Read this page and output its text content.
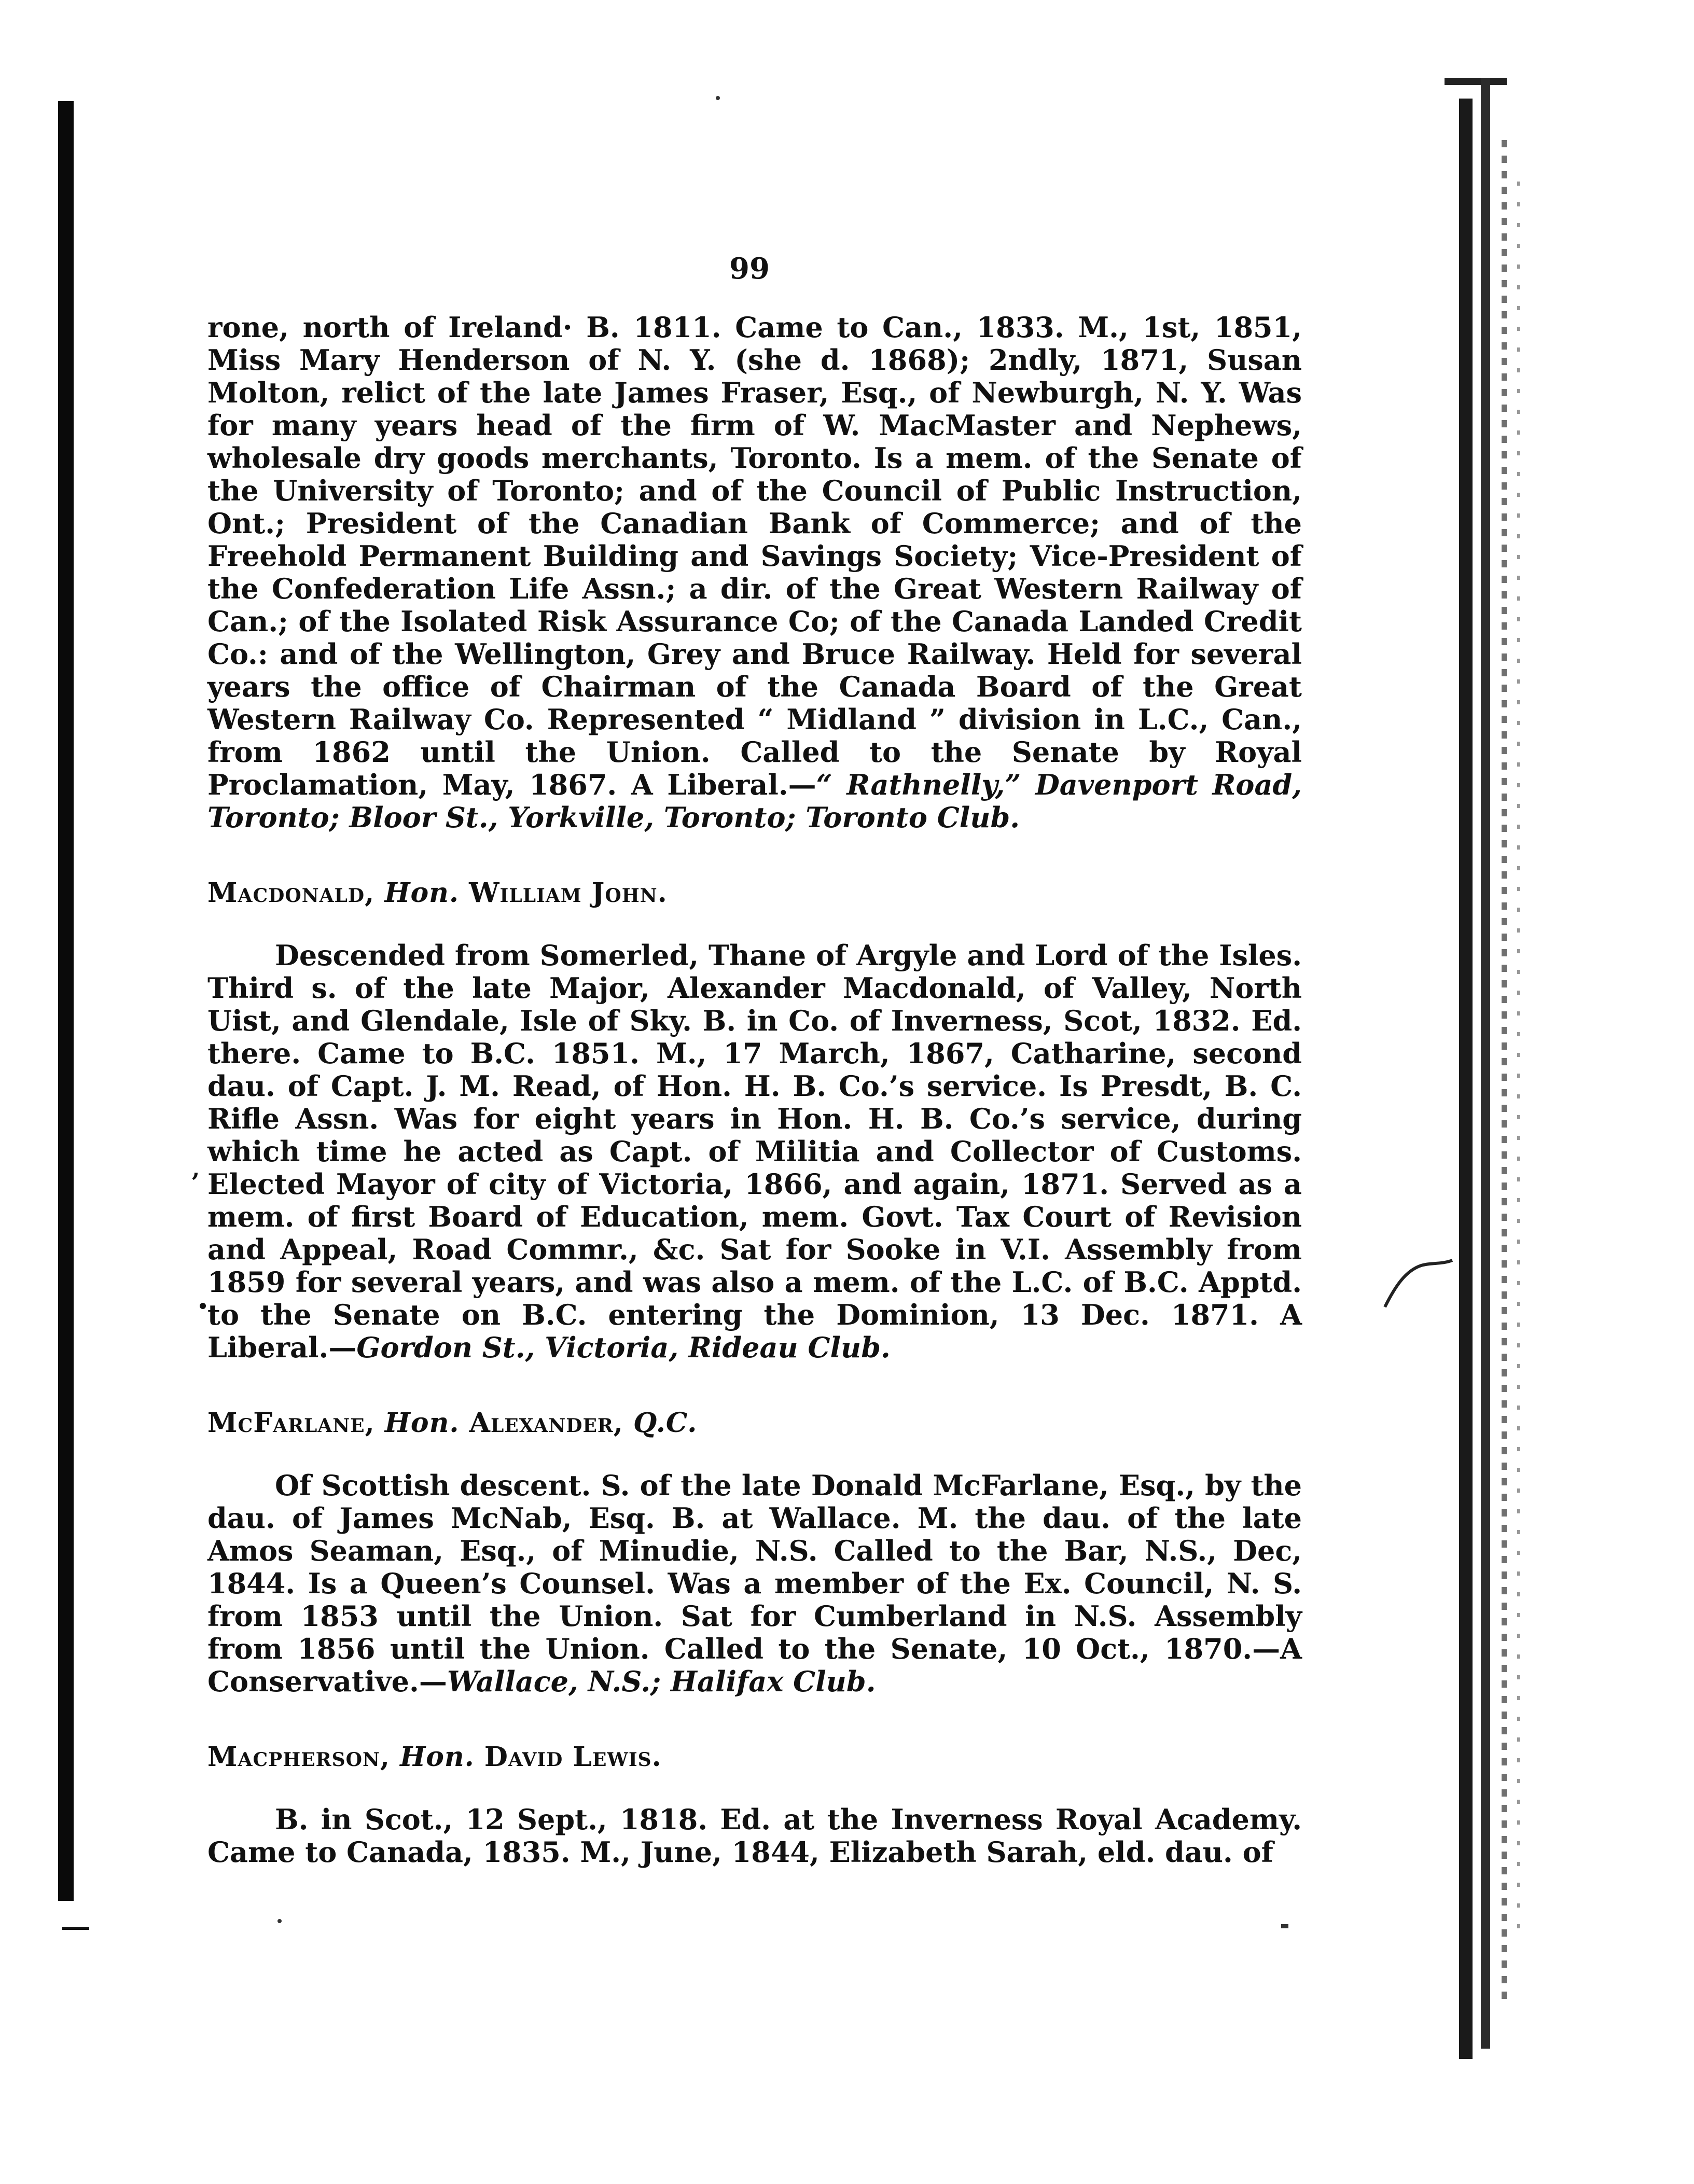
99

rone, north of Ireland· B. 1811. Came to Can., 1833. M., 1st, 1851, Miss Mary Henderson of N. Y. (she d. 1868); 2ndly, 1871, Susan Molton, relict of the late James Fraser, Esq., of Newburgh, N. Y. Was for many years head of the firm of W. MacMaster and Nephews, wholesale dry goods merchants, Toronto. Is a mem. of the Senate of the University of Toronto; and of the Council of Public Instruction, Ont.; President of the Canadian Bank of Commerce; and of the Freehold Permanent Building and Savings Society; Vice-President of the Confederation Life Assn.; a dir. of the Great Western Railway of Can.; of the Isolated Risk Assurance Co; of the Canada Landed Credit Co.: and of the Wellington, Grey and Bruce Railway. Held for several years the office of Chairman of the Canada Board of the Great Western Railway Co. Represented “ Midland ” division in L.C., Can., from 1862 until the Union. Called to the Senate by Royal Proclamation, May, 1867. A Liberal.—“ Rathnelly,” Davenport Road, Toronto; Bloor St., Yorkville, Toronto; Toronto Club.

Macdonald, Hon. William John.

Descended from Somerled, Thane of Argyle and Lord of the Isles. Third s. of the late Major, Alexander Macdonald, of Valley, North Uist, and Glendale, Isle of Sky. B. in Co. of Inverness, Scot, 1832. Ed. there. Came to B.C. 1851. M., 17 March, 1867, Catharine, second dau. of Capt. J. M. Read, of Hon. H. B. Co.’s service. Is Presdt, B. C. Rifle Assn. Was for eight years in Hon. H. B. Co.’s service, during which time he acted as Capt. of Militia and Collector of Customs. Elected Mayor of city of Victoria, 1866, and again, 1871. Served as a mem. of first Board of Education, mem. Govt. Tax Court of Revision and Appeal, Road Commr., &c. Sat for Sooke in V.I. Assembly from 1859 for several years, and was also a mem. of the L.C. of B.C. Apptd. to the Senate on B.C. entering the Dominion, 13 Dec. 1871. A Liberal.—Gordon St., Victoria, Rideau Club.

McFarlane, Hon. Alexander, Q.C.

Of Scottish descent. S. of the late Donald McFarlane, Esq., by the dau. of James McNab, Esq. B. at Wallace. M. the dau. of the late Amos Seaman, Esq., of Minudie, N.S. Called to the Bar, N.S., Dec, 1844. Is a Queen’s Counsel. Was a member of the Ex. Council, N. S. from 1853 until the Union. Sat for Cumberland in N.S. Assembly from 1856 until the Union. Called to the Senate, 10 Oct., 1870.—A Conservative.—Wallace, N.S.; Halifax Club.

Macpherson, Hon. David Lewis.

B. in Scot., 12 Sept., 1818. Ed. at the Inverness Royal Academy. Came to Canada, 1835. M., June, 1844, Elizabeth Sarah, eld. dau. of

,
